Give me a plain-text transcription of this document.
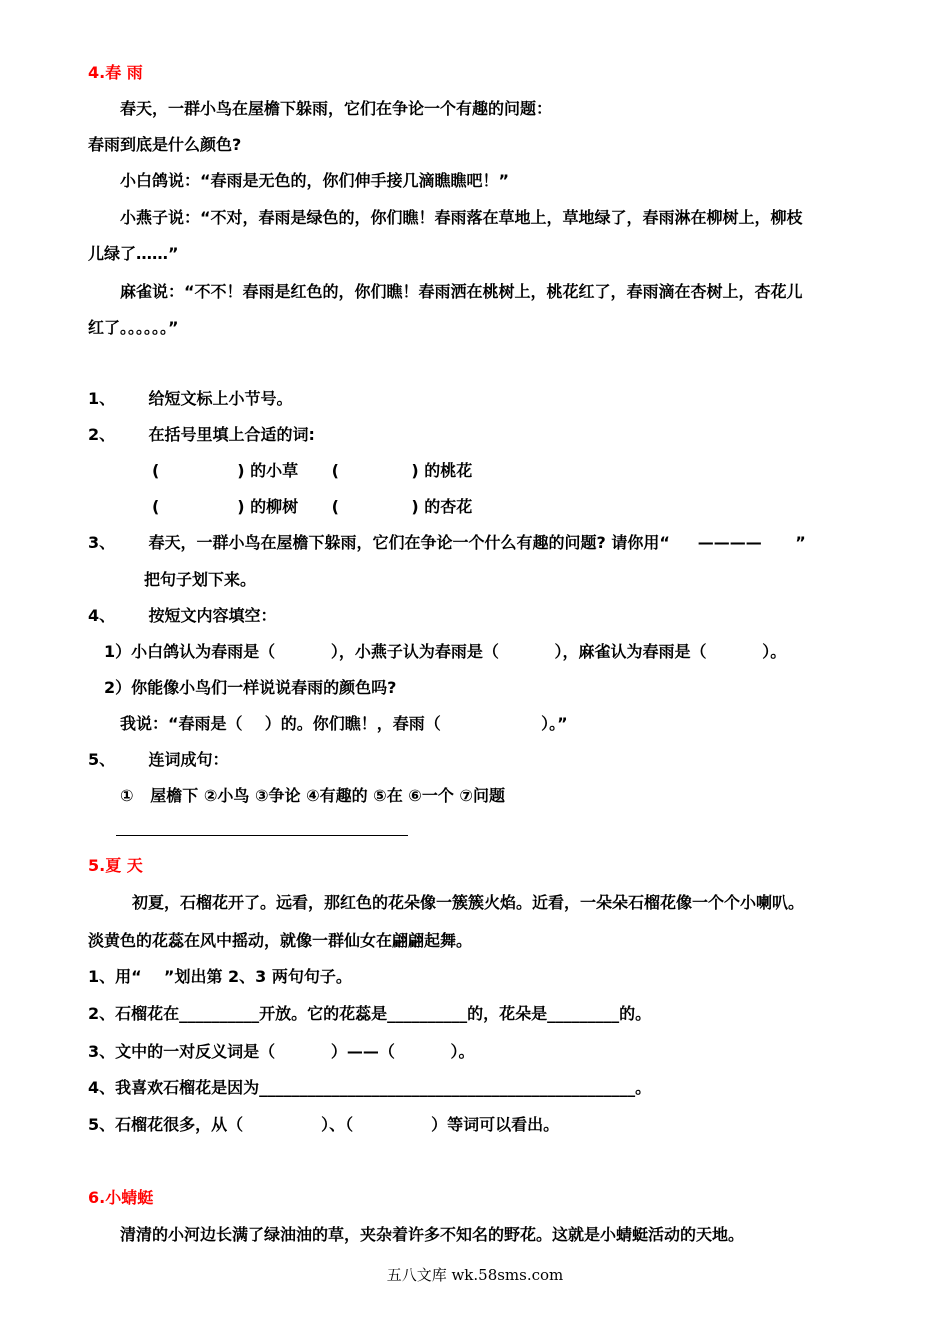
4.春 雨
春天，一群小鸟在屋檐下躲雨，它们在争论一个有趣的问题：
春雨到底是什么颜色?
小白鸽说：“春雨是无色的，你们伸手接几滴瞧瞧吧！”
小燕子说：“不对，春雨是绿色的，你们瞧！春雨落在草地上，草地绿了，春雨淋在柳树上，柳枝
儿绿了……”
麻雀说：“不不！春雨是红色的，你们瞧！春雨洒在桃树上，桃花红了，春雨滴在杏树上，杏花儿
红了。。。。。。”
1、      给短文标上小节号。
2、      在括号里填上合适的词:
(              ) 的小草      (             ) 的桃花
(              ) 的柳树      (             ) 的杏花
3、      春天，一群小鸟在屋檐下躲雨，它们在争论一个什么有趣的问题? 请你用“     ————      ”
把句子划下来。
4、      按短文内容填空：
1）小白鸽认为春雨是（          ），小燕子认为春雨是（          ），麻雀认为春雨是（          ）。
2）你能像小鸟们一样说说春雨的颜色吗?
我说：“春雨是（    ）的。你们瞧！，春雨（                  ）。”
5、      连词成句：
①   屋檐下 ②小鸟 ③争论 ④有趣的 ⑤在 ⑥一个 ⑦问题
5.夏 天
初夏，石榴花开了。远看，那红色的花朵像一簇簇火焰。近看，一朵朵石榴花像一个个小喇叭。
淡黄色的花蕊在风中摇动，就像一群仙女在翩翩起舞。
1、用“    ”划出第 2、3 两句句子。
2、石榴花在__________开放。它的花蕊是__________的，花朵是_________的。
3、文中的一对反义词是（          ）——（          ）。
4、我喜欢石榴花是因为_______________________________________________。
5、石榴花很多，从（              ）、（              ）等词可以看出。
6.小蜻蜓
清清的小河边长满了绿油油的草，夹杂着许多不知名的野花。这就是小蜻蜓活动的天地。
五八文库 wk.58sms.com
